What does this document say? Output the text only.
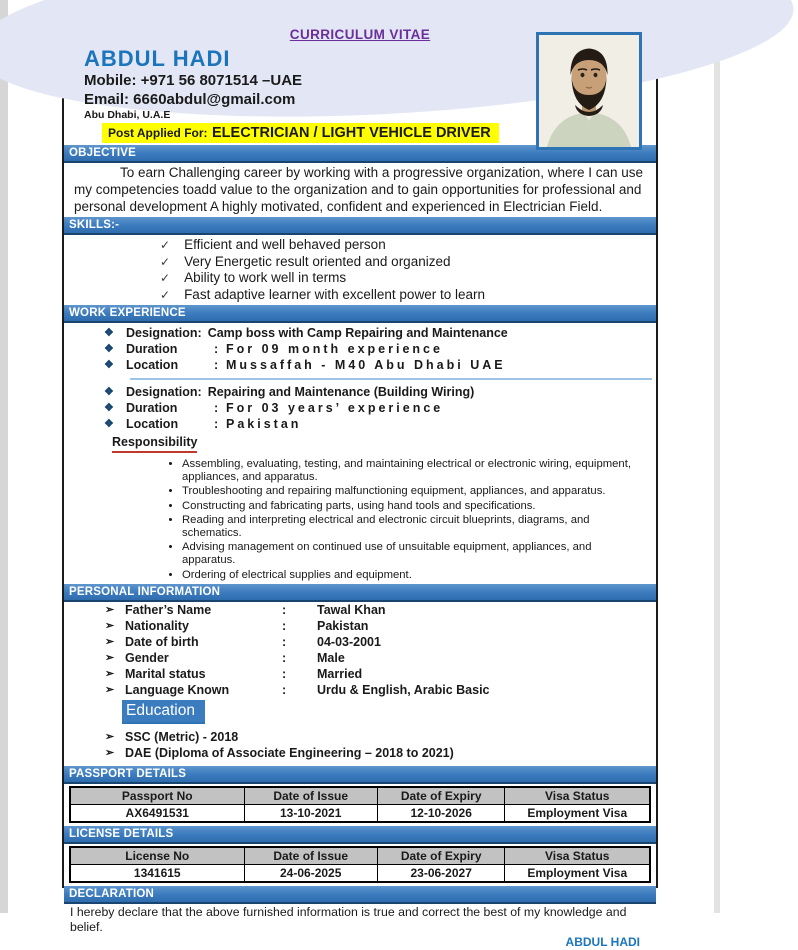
CURRICULUM VITAE
ABDUL HADI
Mobile: +971 56 8071514 –UAE
Email: 6660abdul@gmail.com
Abu Dhabi, U.A.E
Post Applied For: ELECTRICIAN / LIGHT VEHICLE DRIVER
OBJECTIVE
To earn Challenging career by working with a progressive organization, where I can use my competencies toadd value to the organization and to gain opportunities for professional and personal development A highly motivated, confident and experienced in Electrician Field.
SKILLS:-
✓ Efficient and well behaved person
✓ Very Energetic result oriented and organized
✓ Ability to work well in terms
✓ Fast adaptive learner with excellent power to learn
WORK EXPERIENCE
❖ Designation: Camp boss with Camp Repairing and Maintenance
❖ Duration	: For 09 month experience
❖ Location	: Mussaffah - M40 Abu Dhabi UAE
❖ Designation: Repairing and Maintenance (Building Wiring)
❖ Duration	: For 03 years’ experience
❖ Location	: Pakistan
Responsibility
• Assembling, evaluating, testing, and maintaining electrical or electronic wiring, equipment, appliances, and apparatus.
• Troubleshooting and repairing malfunctioning equipment, appliances, and apparatus.
• Constructing and fabricating parts, using hand tools and specifications.
• Reading and interpreting electrical and electronic circuit blueprints, diagrams, and schematics.
• Advising management on continued use of unsuitable equipment, appliances, and apparatus.
• Ordering of electrical supplies and equipment.
PERSONAL INFORMATION
➢ Father’s Name	:	Tawal Khan
➢ Nationality	:	Pakistan
➢ Date of birth	:	04-03-2001
➢ Gender	:	Male
➢ Marital status	:	Married
➢ Language Known	:	Urdu & English, Arabic Basic
Education
➢ SSC (Metric) - 2018
➢ DAE (Diploma of Associate Engineering – 2018 to 2021)
PASSPORT DETAILS
Passport No	Date of Issue	Date of Expiry	Visa Status
AX6491531	13-10-2021	12-10-2026	Employment Visa
LICENSE DETAILS
License No	Date of Issue	Date of Expiry	Visa Status
1341615	24-06-2025	23-06-2027	Employment Visa
DECLARATION
I hereby declare that the above furnished information is true and correct the best of my knowledge and belief.
ABDUL HADI
